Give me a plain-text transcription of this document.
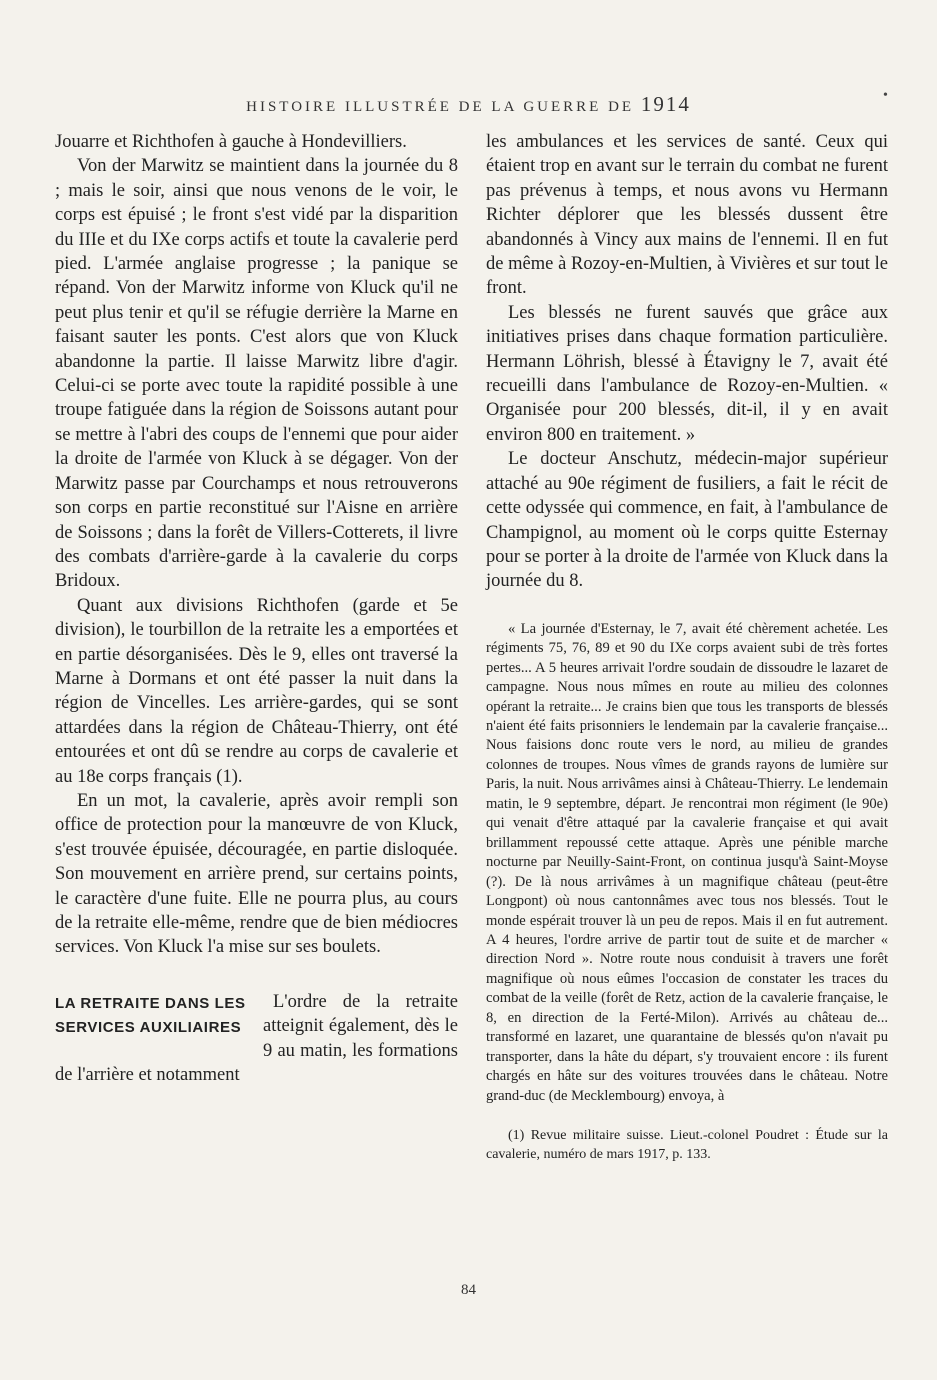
HISTOIRE ILLUSTRÉE DE LA GUERRE DE 1914	•

Jouarre et Richthofen à gauche à Hondevilliers.

Von der Marwitz se maintient dans la journée du 8 ; mais le soir, ainsi que nous venons de le voir, le corps est épuisé ; le front s'est vidé par la disparition du IIIe et du IXe corps actifs et toute la cavalerie perd pied. L'armée anglaise progresse ; la panique se répand. Von der Marwitz informe von Kluck qu'il ne peut plus tenir et qu'il se réfugie derrière la Marne en faisant sauter les ponts. C'est alors que von Kluck abandonne la partie. Il laisse Marwitz libre d'agir. Celui-ci se porte avec toute la rapidité possible à une troupe fatiguée dans la région de Soissons autant pour se mettre à l'abri des coups de l'ennemi que pour aider la droite de l'armée von Kluck à se dégager. Von der Marwitz passe par Courchamps et nous retrouverons son corps en partie reconstitué sur l'Aisne en arrière de Soissons ; dans la forêt de Villers-Cotterets, il livre des combats d'arrière-garde à la cavalerie du corps Bridoux.

Quant aux divisions Richthofen (garde et 5e division), le tourbillon de la retraite les a emportées et en partie désorganisées. Dès le 9, elles ont traversé la Marne à Dormans et ont été passer la nuit dans la région de Vincelles. Les arrière-gardes, qui se sont attardées dans la région de Château-Thierry, ont été entourées et ont dû se rendre au corps de cavalerie et au 18e corps français (1).

En un mot, la cavalerie, après avoir rempli son office de protection pour la manœuvre de von Kluck, s'est trouvée épuisée, découragée, en partie disloquée. Son mouvement en arrière prend, sur certains points, le caractère d'une fuite. Elle ne pourra plus, au cours de la retraite elle-même, rendre que de bien médiocres services. Von Kluck l'a mise sur ses boulets.

LA RETRAITE DANS LES SERVICES AUXILIAIRES

L'ordre de la retraite atteignit également, dès le 9 au matin, les formations de l'arrière et notamment

les ambulances et les services de santé. Ceux qui étaient trop en avant sur le terrain du combat ne furent pas prévenus à temps, et nous avons vu Hermann Richter déplorer que les blessés dussent être abandonnés à Vincy aux mains de l'ennemi. Il en fut de même à Rozoy-en-Multien, à Vivières et sur tout le front.

Les blessés ne furent sauvés que grâce aux initiatives prises dans chaque formation particulière. Hermann Löhrish, blessé à Étavigny le 7, avait été recueilli dans l'ambulance de Rozoy-en-Multien. « Organisée pour 200 blessés, dit-il, il y en avait environ 800 en traitement. »

Le docteur Anschutz, médecin-major supérieur attaché au 90e régiment de fusiliers, a fait le récit de cette odyssée qui commence, en fait, à l'ambulance de Champignol, au moment où le corps quitte Esternay pour se porter à la droite de l'armée von Kluck dans la journée du 8.

« La journée d'Esternay, le 7, avait été chèrement achetée. Les régiments 75, 76, 89 et 90 du IXe corps avaient subi de très fortes pertes... A 5 heures arrivait l'ordre soudain de dissoudre le lazaret de campagne. Nous nous mîmes en route au milieu des colonnes opérant la retraite... Je crains bien que tous les transports de blessés n'aient été faits prisonniers le lendemain par la cavalerie française... Nous faisions donc route vers le nord, au milieu de grandes colonnes de troupes. Nous vîmes de grands rayons de lumière sur Paris, la nuit. Nous arrivâmes ainsi à Château-Thierry. Le lendemain matin, le 9 septembre, départ. Je rencontrai mon régiment (le 90e) qui venait d'être attaqué par la cavalerie française et qui avait brillamment repoussé cette attaque. Après une pénible marche nocturne par Neuilly-Saint-Front, on continua jusqu'à Saint-Moyse (?). De là nous arrivâmes à un magnifique château (peut-être Longpont) où nous cantonnâmes avec tous nos blessés. Tout le monde espérait trouver là un peu de repos. Mais il en fut autrement. A 4 heures, l'ordre arrive de partir tout de suite et de marcher « direction Nord ». Notre route nous conduisit à travers une forêt magnifique où nous eûmes l'occasion de constater les traces du combat de la veille (forêt de Retz, action de la cavalerie française, le 8, en direction de la Ferté-Milon). Arrivés au château de... transformé en lazaret, une quarantaine de blessés qu'on n'avait pu transporter, dans la hâte du départ, s'y trouvaient encore : ils furent chargés en hâte sur des voitures trouvées dans le château. Notre grand-duc (de Mecklembourg) envoya, à

(1) Revue militaire suisse. Lieut.-colonel Poudret : Étude sur la cavalerie, numéro de mars 1917, p. 133.

84
